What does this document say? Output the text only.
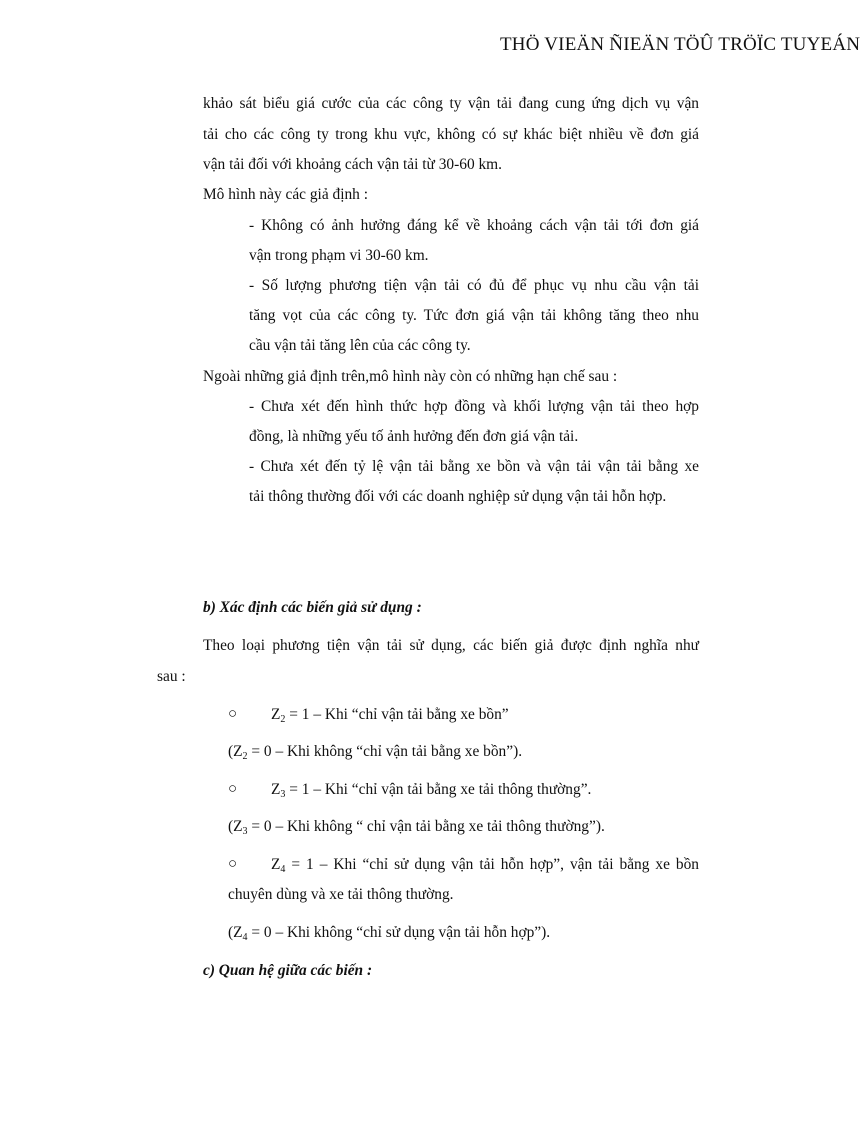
THÖ VIEÄN ÑIEÄN TÖÛ TRÖÏC TUYEÁN
khảo sát biểu giá cước của các công ty vận tải đang cung ứng dịch vụ vận
tải cho các công ty trong khu vực, không có sự khác biệt nhiều về đơn giá
vận tải đối với khoảng cách vận tải từ 30-60 km.
Mô hình này các giả định :
- Không có ảnh hưởng đáng kể về khoảng cách vận tải tới đơn giá
vận trong phạm vi 30-60 km.
- Số lượng phương tiện vận tải có đủ để phục vụ nhu cầu vận tải
tăng vọt của các công ty. Tức đơn giá vận tải không tăng theo nhu
cầu vận tải tăng lên của các công ty.
Ngoài những giả định trên,mô hình này còn có những hạn chế sau :
- Chưa xét đến hình thức hợp đồng và khối lượng vận tải theo hợp
đồng, là những yếu tố ảnh hưởng đến đơn giá vận tải.
- Chưa xét đến tỷ lệ vận tải bằng xe bồn và vận tải vận tải bằng xe
tải thông thường đối với các doanh nghiệp sử dụng vận tải hỗn hợp.
b) Xác định các biến giả sử dụng :
Theo loại phương tiện vận tải sử dụng, các biến giả được định nghĩa như
sau :
○ $Z_2 = 1$ – Khi “chỉ vận tải bằng xe bồn”
($Z_2 = 0$ – Khi không “chỉ vận tải bằng xe bồn”).
○ $Z_3 = 1$ – Khi “chỉ vận tải bằng xe tải thông thường”.
($Z_3 = 0$ – Khi không “ chỉ vận tải bằng xe tải thông thường”).
○ $Z_4 = 1$ – Khi “chỉ sử dụng vận tải hỗn hợp”, vận tải bằng xe bồn
chuyên dùng và xe tải thông thường.
($Z_4 = 0$ – Khi không “chỉ sử dụng vận tải hỗn hợp”).
c) Quan hệ giữa các biến :
